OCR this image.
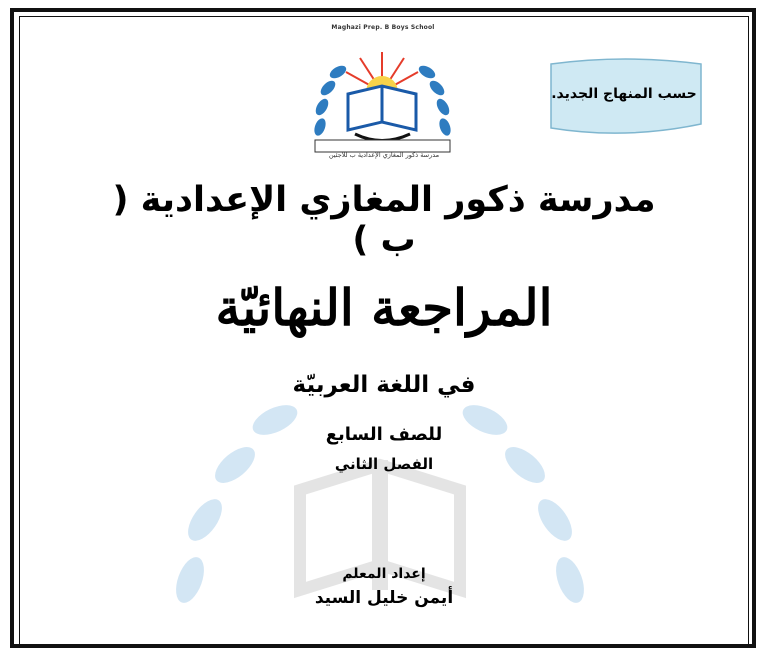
Maghazi Prep. B Boys School
مدرسة ذكور المغازي الإعدادية ب للاجئين
حسب المنهاج الجديد.
مدرسة ذكور المغازي الإعدادية ( ب )
المراجعة النهائيّة
في اللغة العربيّة
للصف السابع
الفصل الثاني
إعداد المعلم
أيمن خليل السيد
